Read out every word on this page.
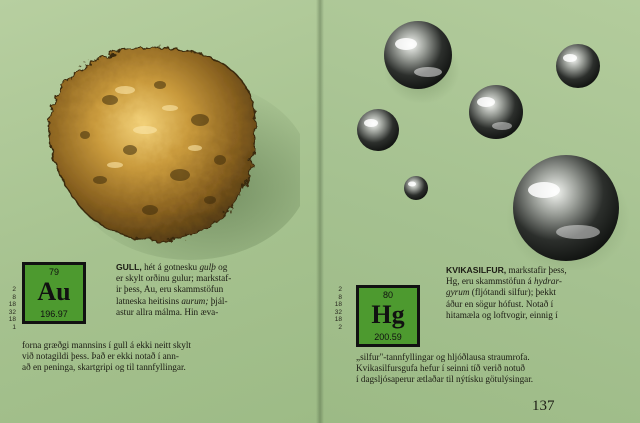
2
8
18
32
18
1
79
Au
196.97
GULL, hét á gotnesku gulþ og
er skylt orðinu gulur; markstaf-
ir þess, Au, eru skammstöfun
latneska heitisins aurum; þjál-
astur allra málma. Hin æva-
forna græðgi mannsins í gull á ekki neitt skylt
við notagildi þess. Það er ekki notað í ann-
að en peninga, skartgripi og til tannfyllingar.
2
8
18
32
18
2
80
Hg
200.59
KVIKASILFUR, markstafir þess,
Hg, eru skammstöfun á hydrar-
gyrum (fljótandi silfur); þekkt
áður en sögur hófust. Notað í
hitamæla og loftvogir, einnig í
„silfur"-tannfyllingar og hljóðlausa straumrofa.
Kvikasilfursgufa hefur í seinni tíð verið notuð
í dagsljósaperur ætlaðar til nýtísku götulýsingar.
137
